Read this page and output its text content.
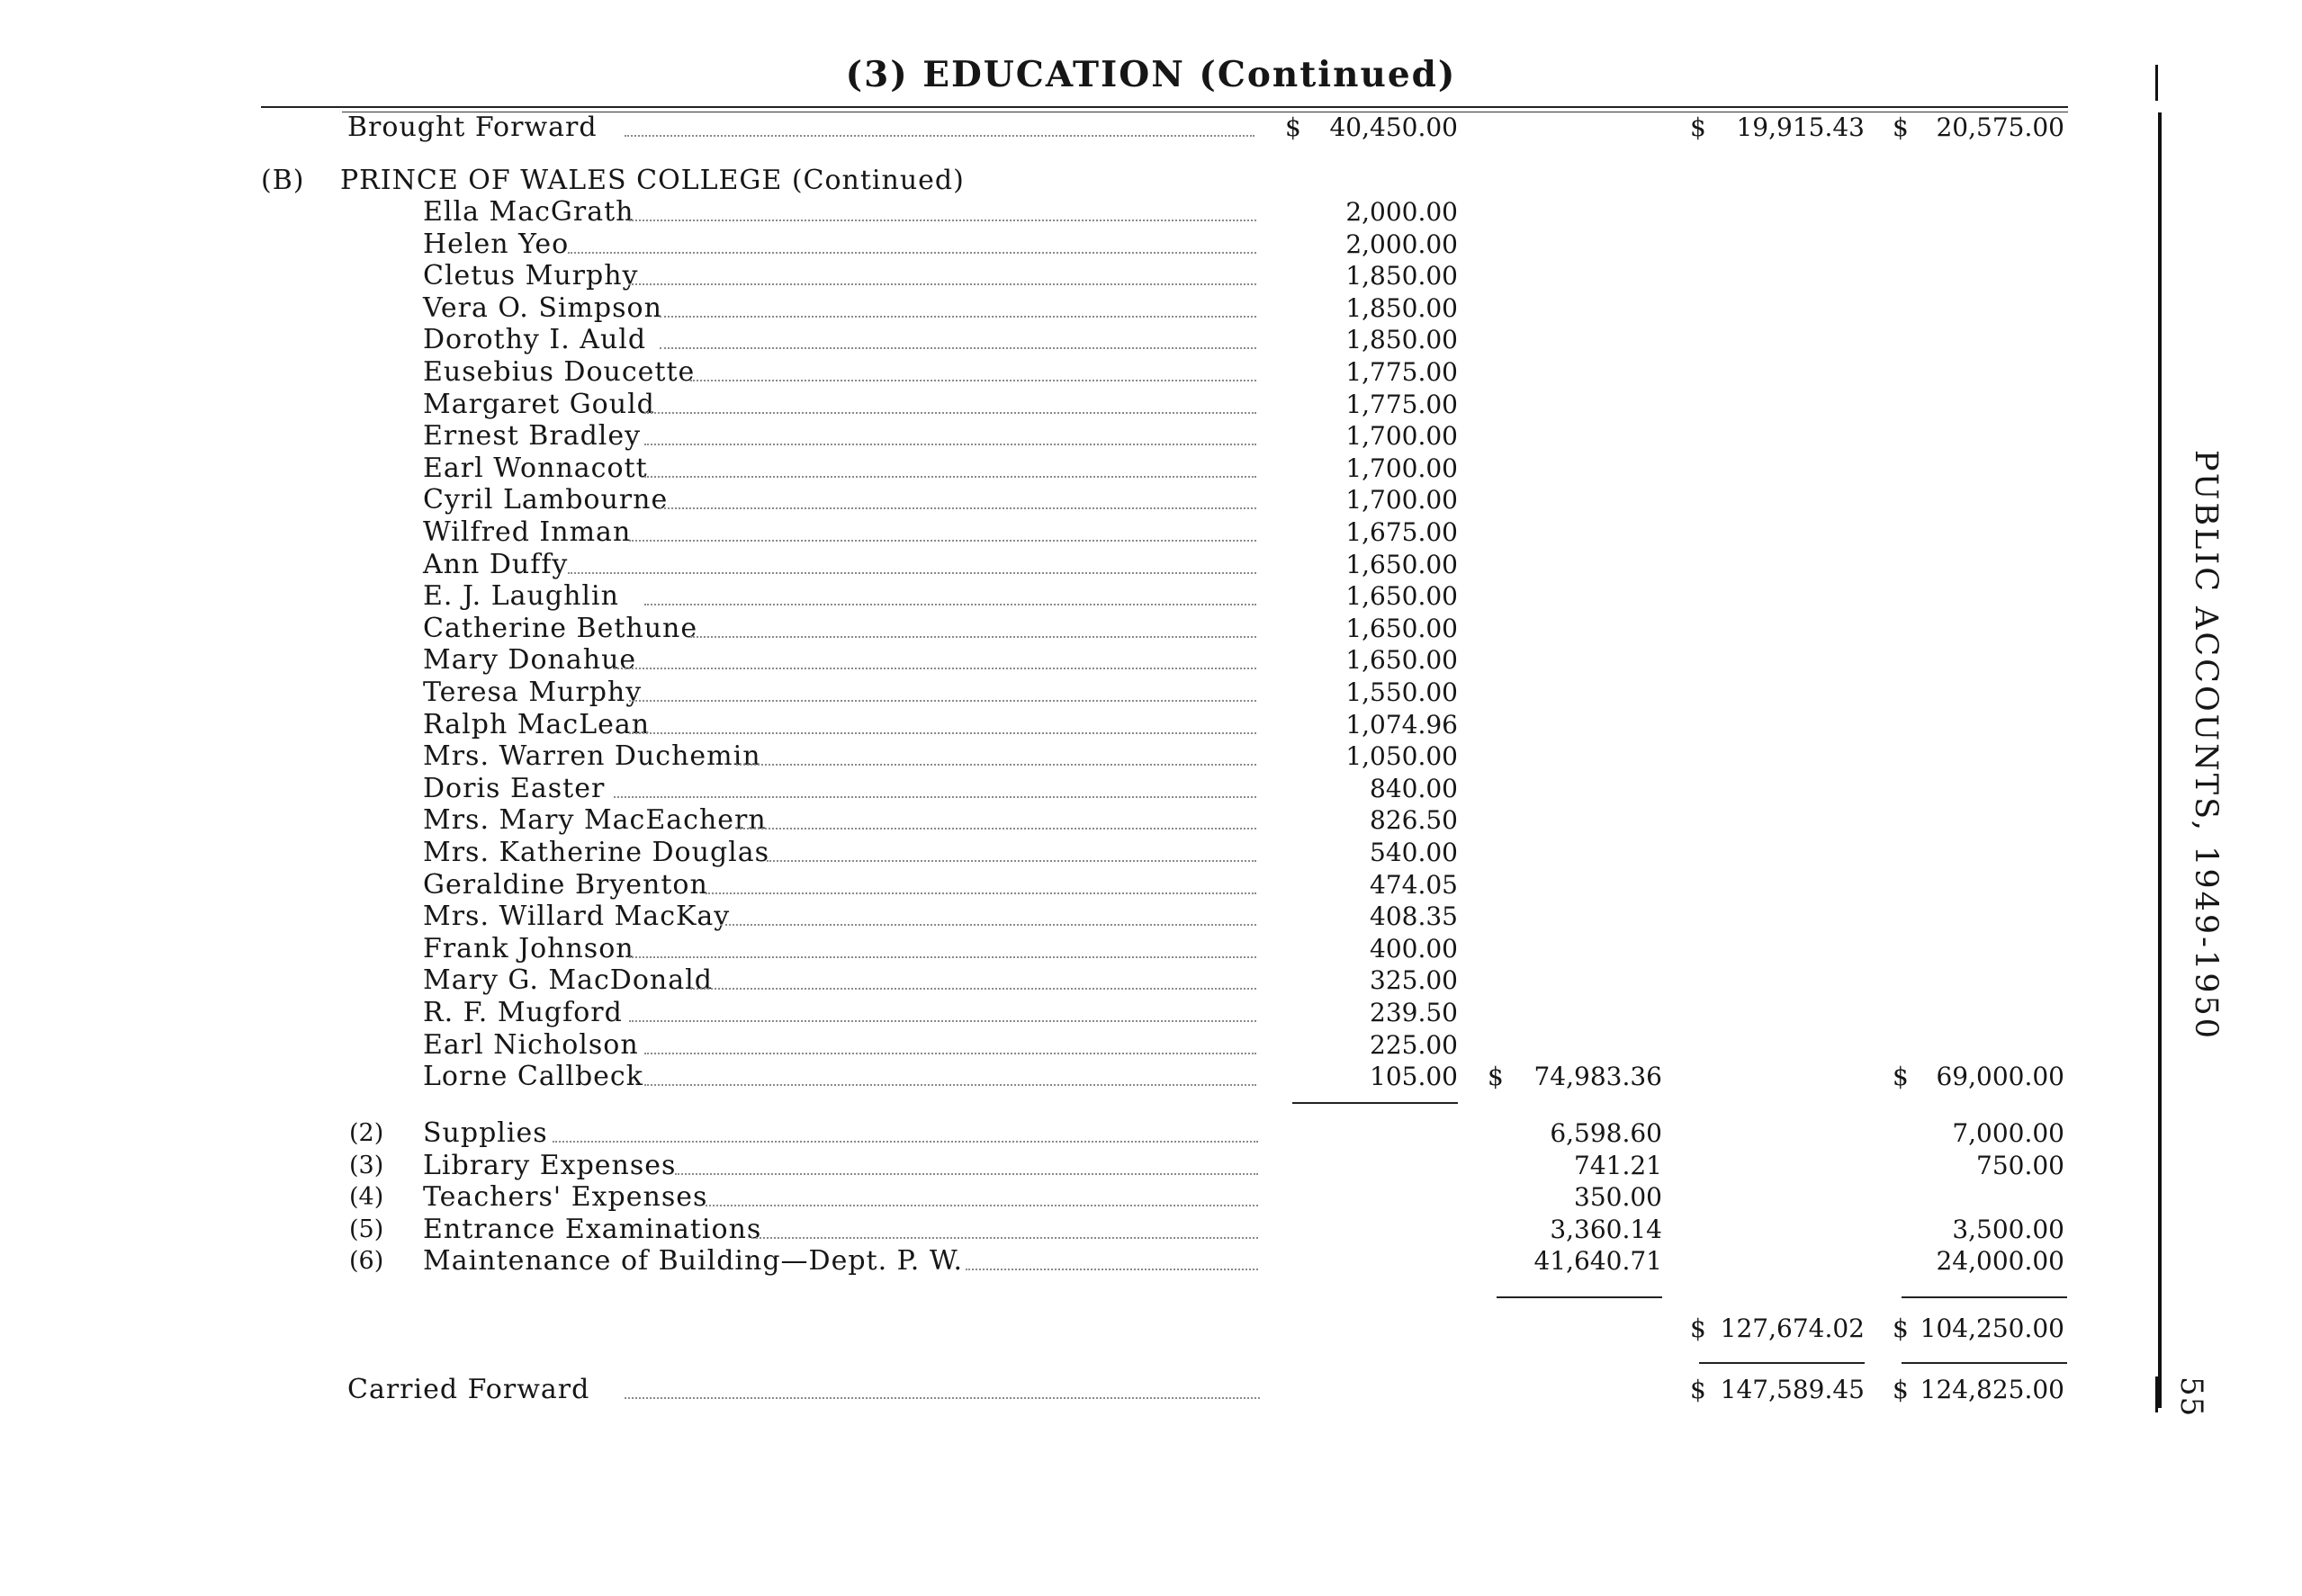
(3) EDUCATION (Continued)
Brought Forward	$ 40,450.00	$ 19,915.43 $ 20,575.00
(B) PRINCE OF WALES COLLEGE (Continued)
Ella MacGrath	2,000.00
Helen Yeo	2,000.00
Cletus Murphy	1,850.00
Vera O. Simpson	1,850.00
Dorothy I. Auld	1,850.00
Eusebius Doucette	1,775.00
Margaret Gould	1,775.00
Ernest Bradley	1,700.00
Earl Wonnacott	1,700.00
Cyril Lambourne	1,700.00
Wilfred Inman	1,675.00
Ann Duffy	1,650.00
E. J. Laughlin	1,650.00
Catherine Bethune	1,650.00
Mary Donahue	1,650.00
Teresa Murphy	1,550.00
Ralph MacLean	1,074.96
Mrs. Warren Duchemin	1,050.00
Doris Easter	840.00
Mrs. Mary MacEachern	826.50
Mrs. Katherine Douglas	540.00
Geraldine Bryenton	474.05
Mrs. Willard MacKay	408.35
Frank Johnson	400.00
Mary G. MacDonald	325.00
R. F. Mugford	239.50
Earl Nicholson	225.00
Lorne Callbeck	105.00 $ 74,983.36	$ 69,000.00
(2) Supplies	6,598.60	7,000.00
(3) Library Expenses	741.21	750.00
(4) Teachers' Expenses	350.00
(5) Entrance Examinations	3,360.14	3,500.00
(6) Maintenance of Building—Dept. P. W.	41,640.71	24,000.00
$ 127,674.02 $ 104,250.00
Carried Forward	$ 147,589.45 $ 124,825.00
PUBLIC ACCOUNTS, 1949-1950
55
